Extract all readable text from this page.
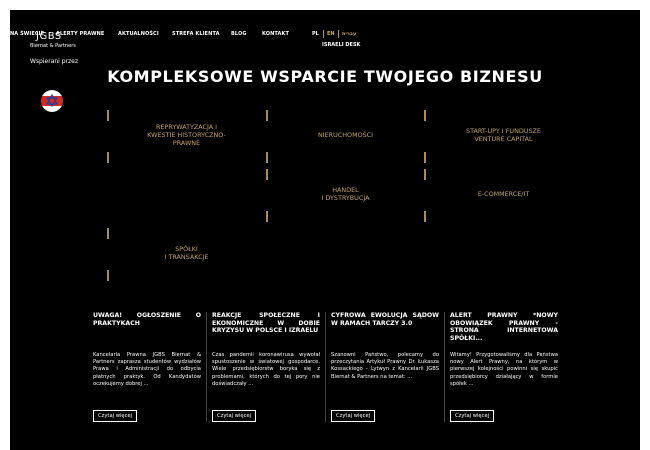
NA ŚWIECIE ALERTY PRAWNE
JGBS
Biernat & Partners
AKTUALNOŚCI	STREFA KLIENTA BLOG	KONTAKT	PL EN עברית
ISRAELI DESK
Wspierani przez
KOMPLEKSOWE WSPARCIE TWOJEGO BIZNESU
REPRYWATYZACJA I
KWESTIE HISTORYCZNO-
PRAWNE
NIERUCHOMOŚCI	START-UPY I FUNDUSZE
VENTURE CAPITAL
HANDEL
I DYSTRYBUCJA	E-COMMERCE/IT
SPÓŁKI
I TRANSAKCJE
UWAGA! OGŁOSZENIE O PRAKTYKACH
Kancelaria Prawna JGBS Biernat & Partners zaprasza studentów wydziałów Prawa i Administracji do odbycia płatnych praktyk. Od Kandydatów oczekujemy dobrej ...
Czytaj więcej
REAKCJE SPOŁECZNE I EKONOMICZNE W DOBIE KRYZYSU W POLSCE I IZRAELU
Czas pandemii koronawirusa wywołał spustoszenie w światowej gospodarce. Wiele przedsiębiorstw boryka się z problemami, których do tej pory nie doświadczały ...
Czytaj więcej
CYFROWA EWOLUCJA SĄDÓW W RAMACH TARCZY 3.0
Szanowni Państwo, polecamy do przeczytania Artykuł Prawny Dr. Łukasza Kossackiego - Lytwyn z Kancelarii JGBS Biernat & Partners na temat: ...
Czytaj więcej
ALERT PRAWNY *NOWY OBOWIĄZEK PRAWNY - STRONA INTERNETOWA SPÓŁKI...
Witamy! Przygotowaliśmy dla Państwa nowy Alert Prawny, na którym w pierwszej kolejności powinni się skupić przedsiębiorcy działający w formie spółek ...
Czytaj więcej
